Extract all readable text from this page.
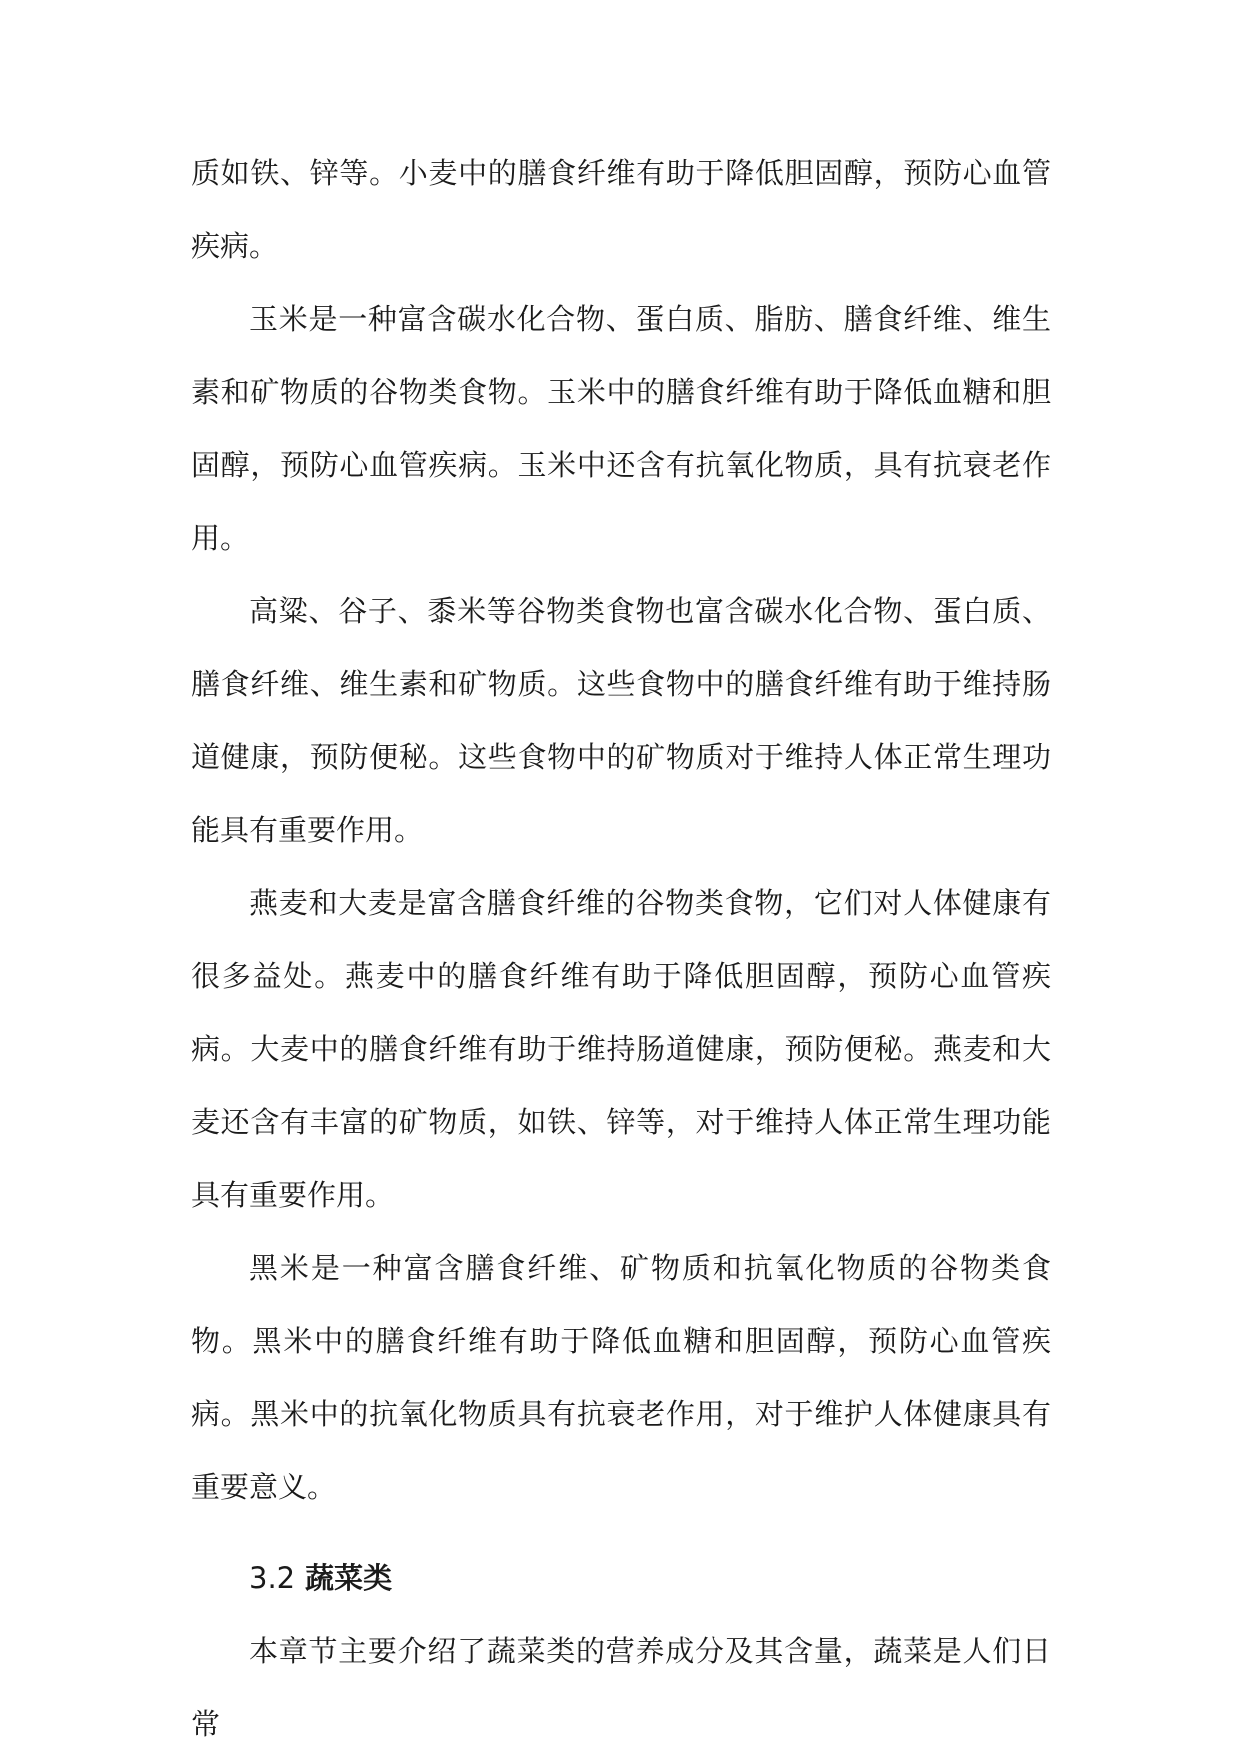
质如铁、锌等。小麦中的膳食纤维有助于降低胆固醇，预防心血管疾病。

玉米是一种富含碳水化合物、蛋白质、脂肪、膳食纤维、维生素和矿物质的谷物类食物。玉米中的膳食纤维有助于降低血糖和胆固醇，预防心血管疾病。玉米中还含有抗氧化物质，具有抗衰老作用。

高粱、谷子、黍米等谷物类食物也富含碳水化合物、蛋白质、膳食纤维、维生素和矿物质。这些食物中的膳食纤维有助于维持肠道健康，预防便秘。这些食物中的矿物质对于维持人体正常生理功能具有重要作用。

燕麦和大麦是富含膳食纤维的谷物类食物，它们对人体健康有很多益处。燕麦中的膳食纤维有助于降低胆固醇，预防心血管疾病。大麦中的膳食纤维有助于维持肠道健康，预防便秘。燕麦和大麦还含有丰富的矿物质，如铁、锌等，对于维持人体正常生理功能具有重要作用。

黑米是一种富含膳食纤维、矿物质和抗氧化物质的谷物类食物。黑米中的膳食纤维有助于降低血糖和胆固醇，预防心血管疾病。黑米中的抗氧化物质具有抗衰老作用，对于维护人体健康具有重要意义。

3.2 蔬菜类

本章节主要介绍了蔬菜类的营养成分及其含量，蔬菜是人们日常
